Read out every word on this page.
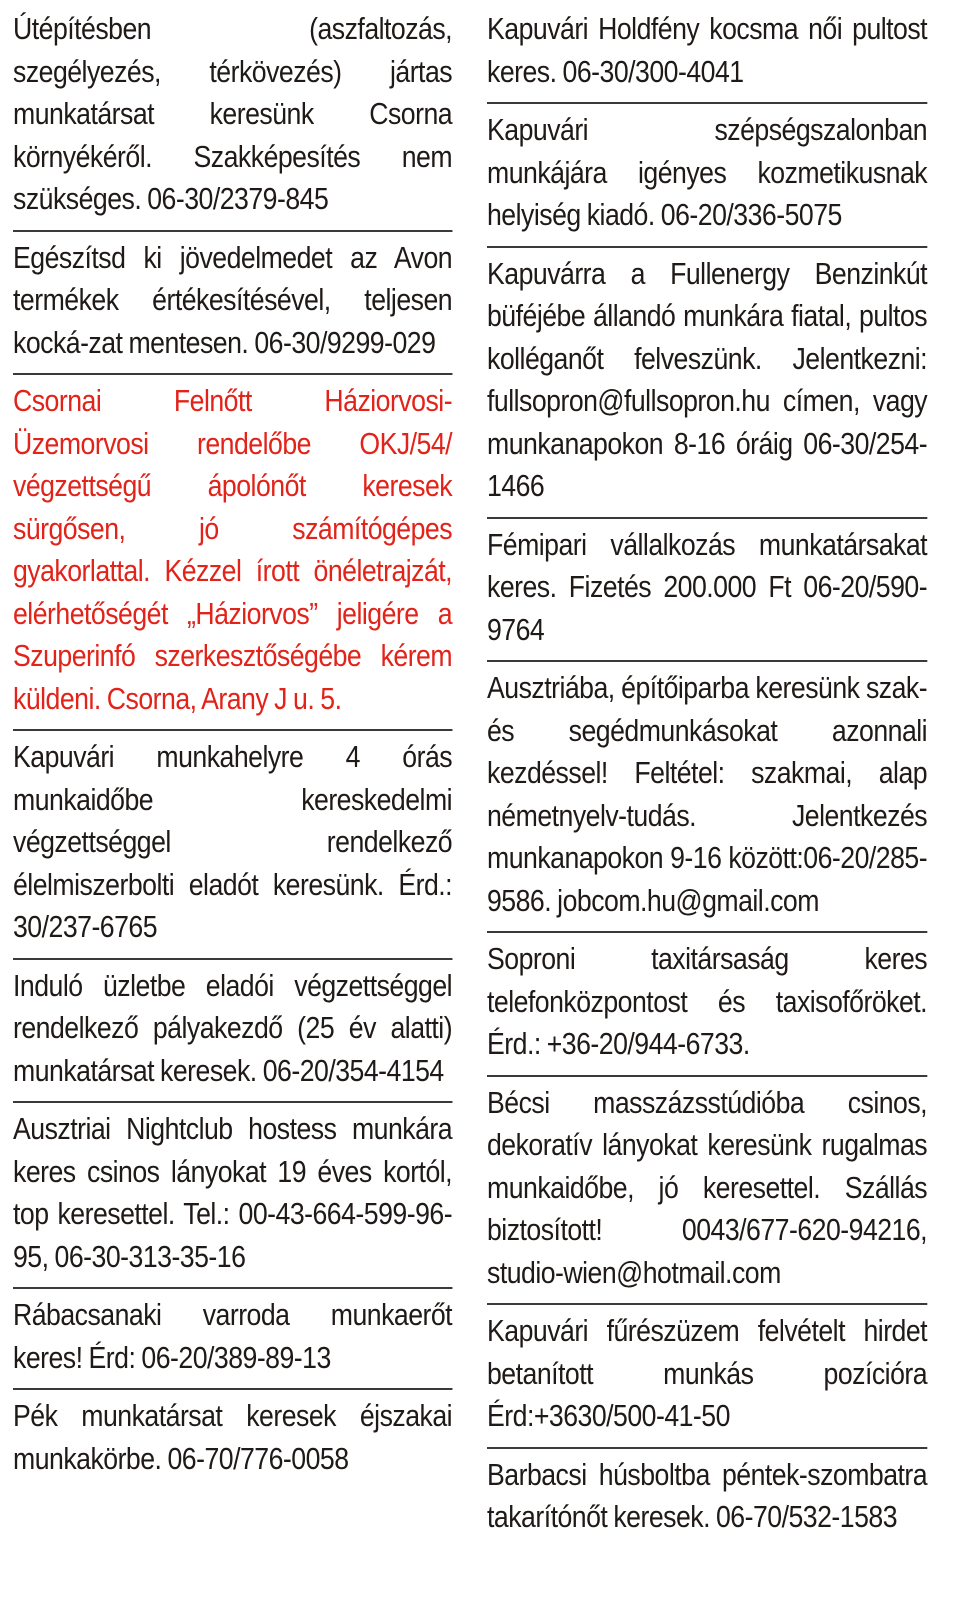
Útépítésben (aszfaltozás, szegélyezés, térkövezés) jártas munkatársat keresünk Csorna környékéről. Szakképesítés nem szükséges. 06-30/2379-845
Egészítsd ki jövedelmedet az Avon termékek értékesítésével, teljesen kocká-zat mentesen. 06-30/9299-029
Csornai Felnőtt Háziorvosi- Üzemorvosi rendelőbe OKJ/54/ végzettségű ápolónőt keresek sürgősen, jó számítógépes gyakorlattal. Kézzel írott önéletrajzát, elérhetőségét „Háziorvos” jeligére a Szuperinfó szerkesztőségébe kérem küldeni. Csorna, Arany J u. 5.
Kapuvári munkahelyre 4 órás munkaidőbe kereskedelmi végzettséggel rendelkező élelmiszerbolti eladót keresünk. Érd.: 30/237-6765
Induló üzletbe eladói végzettséggel rendelkező pályakezdő (25 év alatti) munkatársat keresek. 06-20/354-4154
Ausztriai Nightclub hostess munkára keres csinos lányokat 19 éves kortól, top keresettel. Tel.: 00-43-664-599-96-95, 06-30-313-35-16
Rábacsanaki varroda munkaerőt keres! Érd: 06-20/389-89-13
Pék munkatársat keresek éjszakai munkakörbe. 06-70/776-0058
Kapuvári Holdfény kocsma női pultost keres. 06-30/300-4041
Kapuvári szépségszalonban munkájára igényes kozmetikusnak helyiség kiadó. 06-20/336-5075
Kapuvárra a Fullenergy Benzinkút büféjébe állandó munkára fiatal, pultos kolléganőt felveszünk. Jelentkezni: fullsopron@fullsopron.hu címen, vagy munkanapokon 8-16 óráig 06-30/254-1466
Fémipari vállalkozás munkatársakat keres. Fizetés 200.000 Ft 06-20/590-9764
Ausztriába, építőiparba keresünk szak- és segédmunkásokat azonnali kezdéssel! Feltétel: szakmai, alap németnyelv-tudás. Jelentkezés munkanapokon 9-16 között:06-20/285-9586. jobcom.hu@gmail.com
Soproni taxitársaság keres telefonközpontost és taxisofőröket. Érd.: +36-20/944-6733.
Bécsi masszázsstúdióba csinos, dekoratív lányokat keresünk rugalmas munkaidőbe, jó keresettel. Szállás biztosított! 0043/677-620-94216, studio-wien@hotmail.com
Kapuvári fűrészüzem felvételt hirdet betanított munkás pozícióra Érd:+3630/500-41-50
Barbacsi húsboltba péntek-szombatra takarítónőt keresek. 06-70/532-1583
